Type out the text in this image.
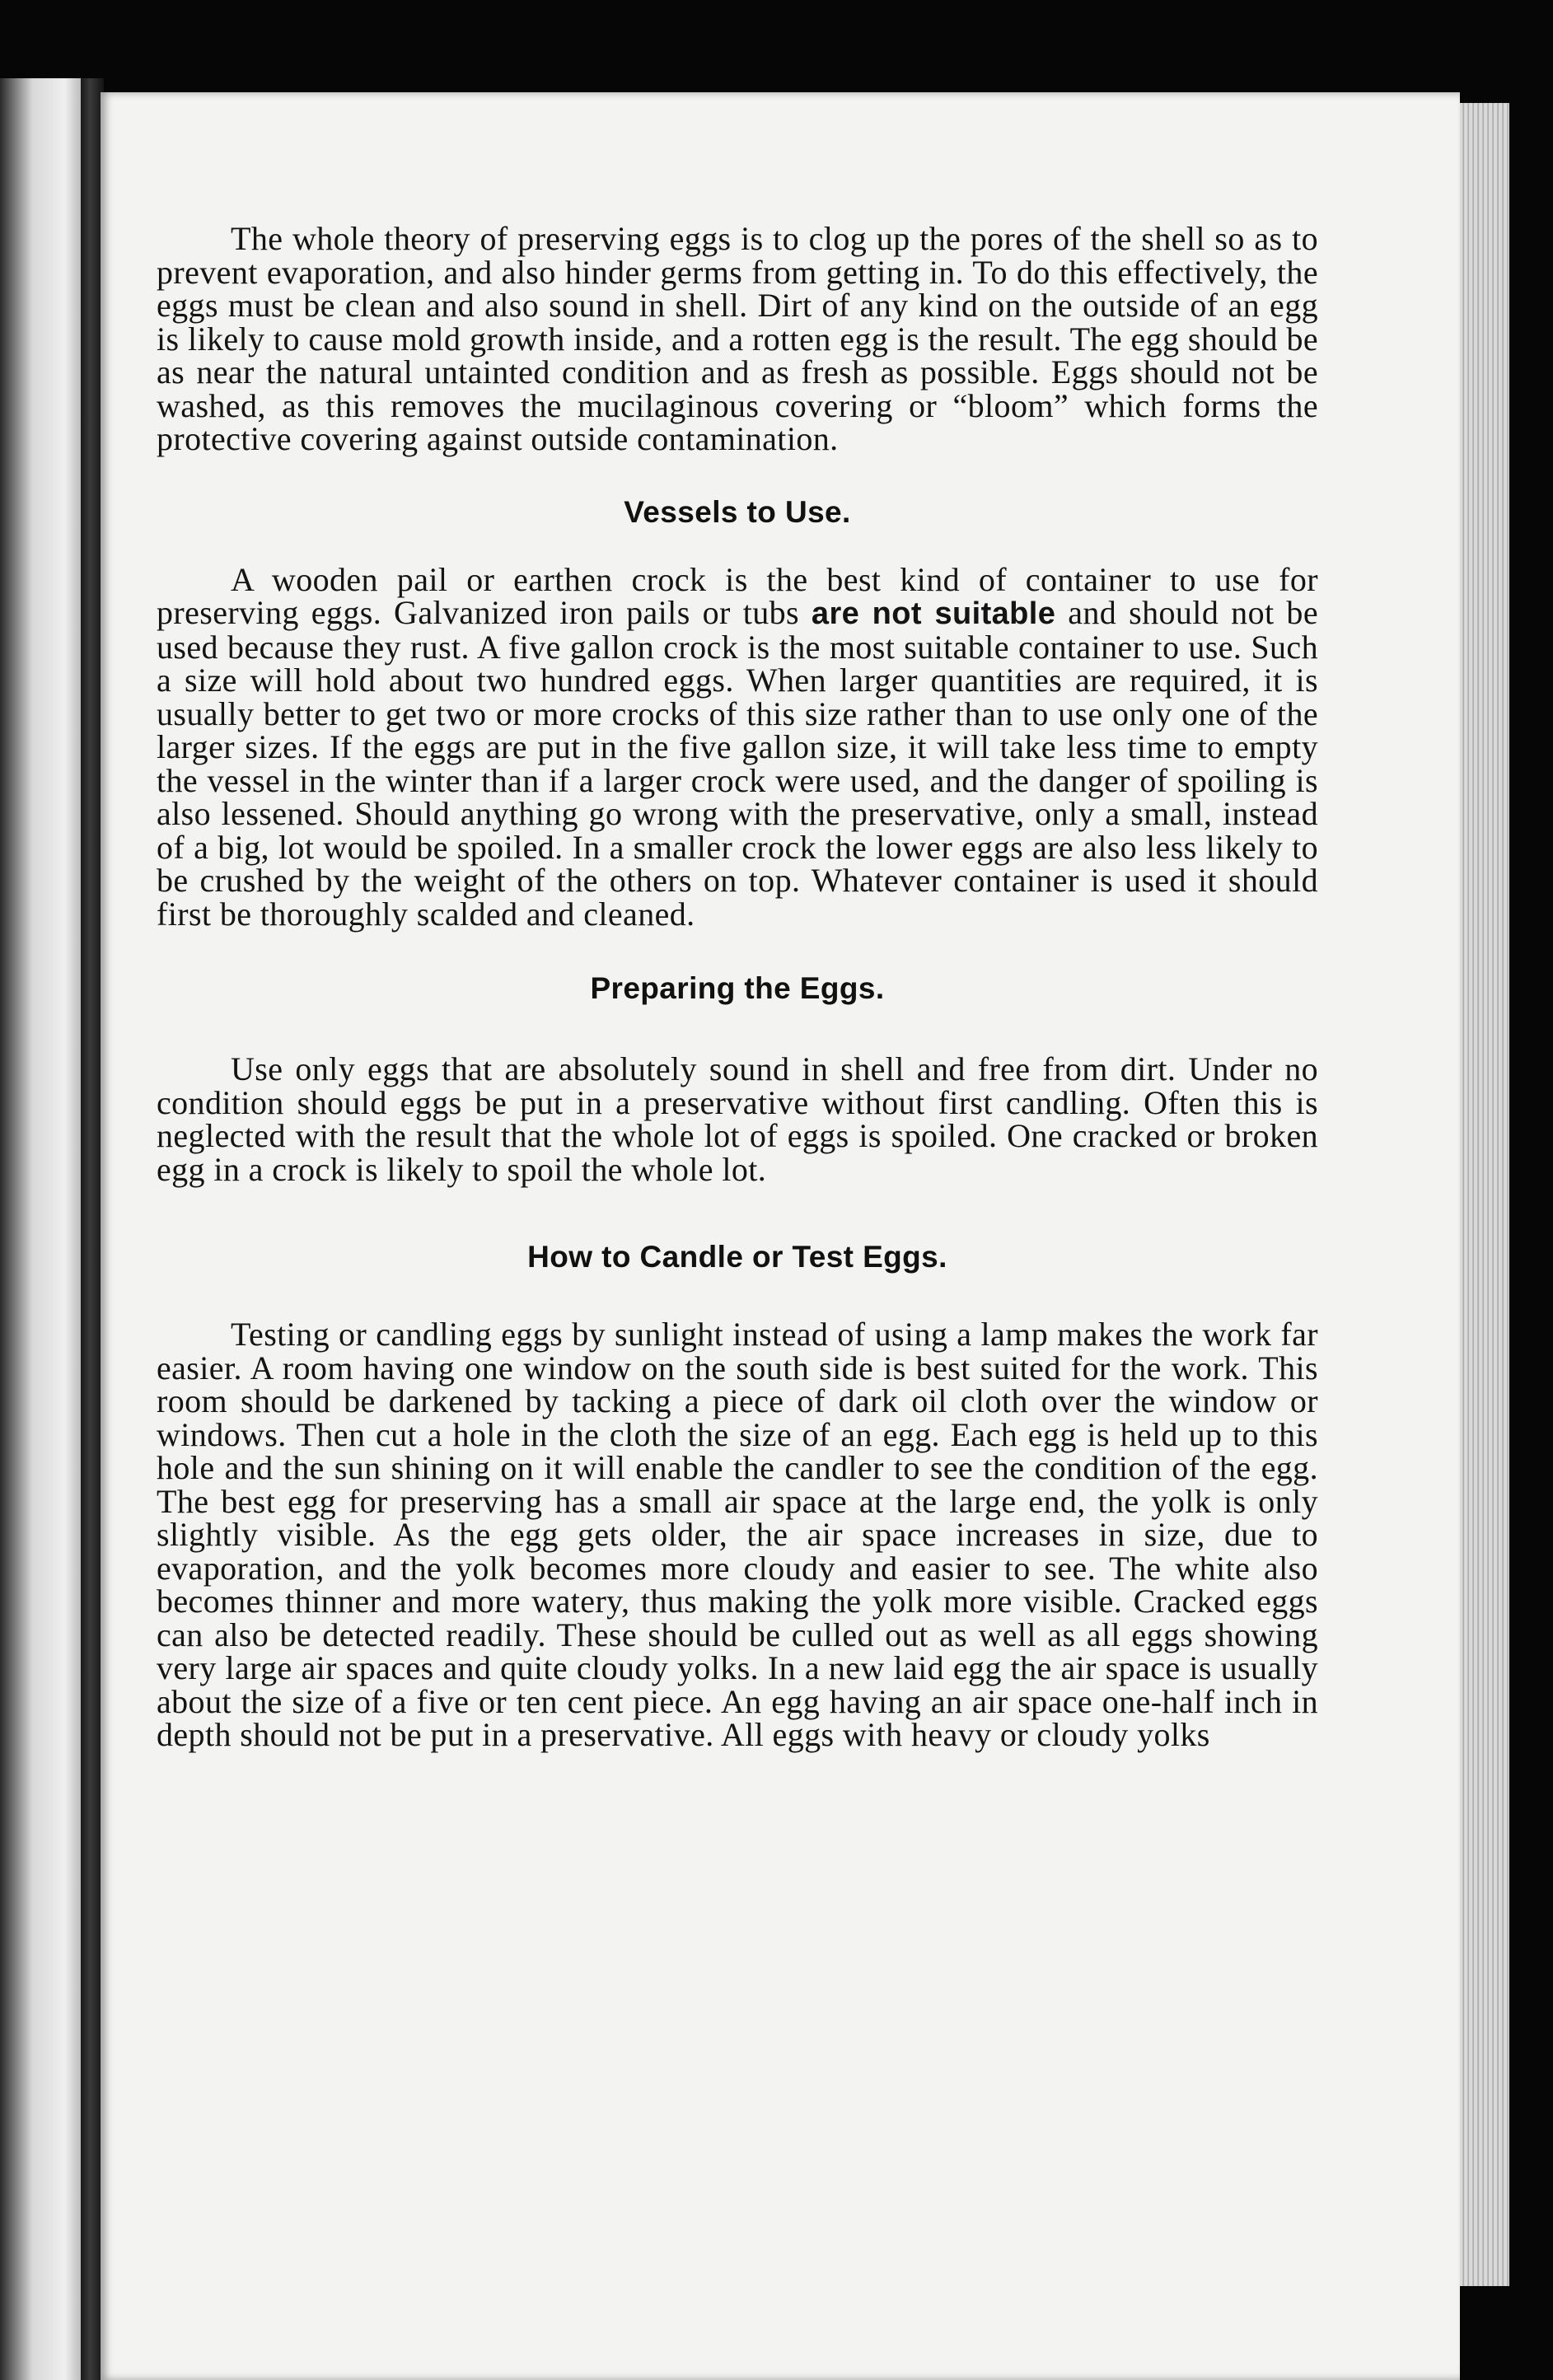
The whole theory of preserving eggs is to clog up the pores of the shell so as to prevent evaporation, and also hinder germs from getting in. To do this effectively, the eggs must be clean and also sound in shell. Dirt of any kind on the outside of an egg is likely to cause mold growth inside, and a rotten egg is the result. The egg should be as near the natural untainted condition and as fresh as possible. Eggs should not be washed, as this removes the mucilaginous covering or “bloom” which forms the protective covering against outside contamination.

Vessels to Use.

A wooden pail or earthen crock is the best kind of container to use for preserving eggs. Galvanized iron pails or tubs are not suitable and should not be used because they rust. A five gallon crock is the most suitable container to use. Such a size will hold about two hundred eggs. When larger quantities are required, it is usually better to get two or more crocks of this size rather than to use only one of the larger sizes. If the eggs are put in the five gallon size, it will take less time to empty the vessel in the winter than if a larger crock were used, and the danger of spoiling is also lessened. Should anything go wrong with the preservative, only a small, instead of a big, lot would be spoiled. In a smaller crock the lower eggs are also less likely to be crushed by the weight of the others on top. Whatever container is used it should first be thoroughly scalded and cleaned.

Preparing the Eggs.

Use only eggs that are absolutely sound in shell and free from dirt. Under no condition should eggs be put in a preservative without first candling. Often this is neglected with the result that the whole lot of eggs is spoiled. One cracked or broken egg in a crock is likely to spoil the whole lot.

How to Candle or Test Eggs.

Testing or candling eggs by sunlight instead of using a lamp makes the work far easier. A room having one window on the south side is best suited for the work. This room should be darkened by tacking a piece of dark oil cloth over the window or windows. Then cut a hole in the cloth the size of an egg. Each egg is held up to this hole and the sun shining on it will enable the candler to see the condition of the egg. The best egg for preserving has a small air space at the large end, the yolk is only slightly visible. As the egg gets older, the air space increases in size, due to evaporation, and the yolk becomes more cloudy and easier to see. The white also becomes thinner and more watery, thus making the yolk more visible. Cracked eggs can also be detected readily. These should be culled out as well as all eggs showing very large air spaces and quite cloudy yolks. In a new laid egg the air space is usually about the size of a five or ten cent piece. An egg having an air space one-half inch in depth should not be put in a preservative. All eggs with heavy or cloudy yolks
